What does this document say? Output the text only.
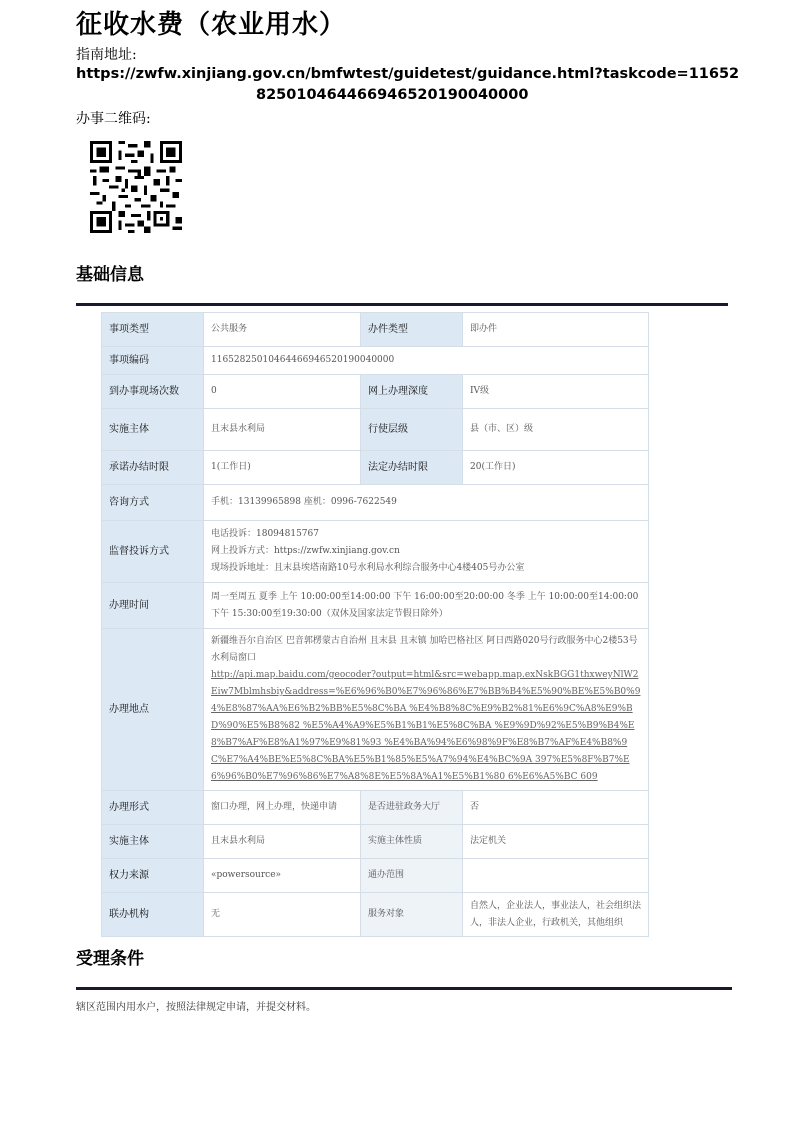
征收水费（农业用水）
指南地址:
https://zwfw.xinjiang.gov.cn/bmfwtest/guidetest/guidance.html?taskcode=11652
825010464466946520190040000
办事二维码:
基础信息
事项类型	公共服务	办件类型	即办件
事项编码	11652825010464466946520190040000		
到办事现场次数	0	网上办理深度	IV级
实施主体	且末县水利局	行使层级	县（市、区）级
承诺办结时限	1(工作日)	法定办结时限	20(工作日)
咨询方式	手机：13139965898 座机：0996-7622549		
监督投诉方式	电话投诉：18094815767
网上投诉方式：https://zwfw.xinjiang.gov.cn
现场投诉地址：且末县埃塔南路10号水利局水利综合服务中心4楼405号办公室		

办理时间	周一至周五 夏季 上午 10:00:00至14:00:00 下午 16:00:00至20:00:00 冬季 上午 10:00:00至14:00:00 下午 15:30:00至19:30:00（双休及国家法定节假日除外）		
办理地点	新疆维吾尔自治区 巴音郭楞蒙古自治州 且末县 且末镇 加哈巴格社区 阿日西路020号行政服务中心2楼53号水利局窗口
http://api.map.baidu.com/geocoder?output=html&src=webapp.map.exNskBGG1thxweyNlW2Eiw7Mblmhsbiy&address=%E6%96%B0%E7%96%86%E7%BB%B4%E5%90%BE%E5%B0%94%E8%87%AA%E6%B2%BB%E5%8C%BA %E4%B8%8C%E9%B2%81%E6%9C%A8%E9%BD%90%E5%B8%82 %E5%A4%A9%E5%B1%B1%E5%8C%BA %E9%9D%92%E5%B9%B4%E8%B7%AF%E8%A1%97%E9%81%93 %E4%BA%94%E6%98%9F%E8%B7%AF%E4%B8%9C%E7%A4%BE%E5%8C%BA%E5%B1%85%E5%A7%94%E4%BC%9A 397%E5%8F%B7%E6%96%B0%E7%96%86%E7%A8%8E%E5%8A%A1%E5%B1%80 6%E6%A5%BC 609		

办理形式	窗口办理，网上办理，快递申请	是否进驻政务大厅	否
实施主体	且末县水利局	实施主体性质	法定机关
权力来源	«powersource»	通办范围	
联办机构	无	服务对象	自然人，企业法人，事业法人，社会组织法人，非法人企业，行政机关，其他组织
受理条件
辖区范围内用水户，按照法律规定申请，并提交材料。
